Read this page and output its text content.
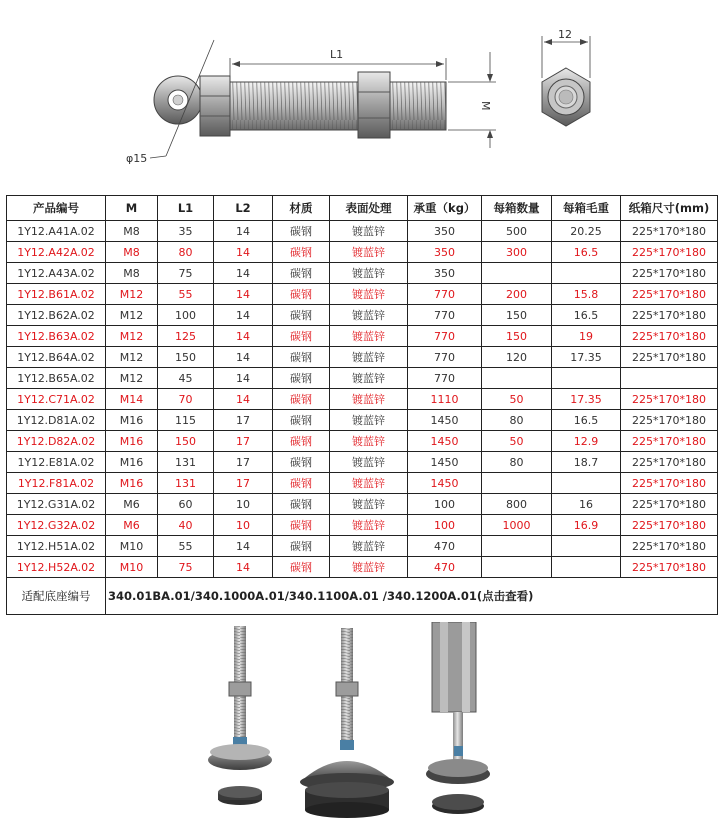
L1
M
φ15
12
产品编号	M	L1	L2	材质	表面处理	承重（kg）	每箱数量	每箱毛重	纸箱尺寸(mm)
1Y12.A41A.02	M8	35	14	碳钢	镀蓝锌	350	500	20.25	225*170*180
1Y12.A42A.02	M8	80	14	碳钢	镀蓝锌	350	300	16.5	225*170*180
1Y12.A43A.02	M8	75	14	碳钢	镀蓝锌	350			225*170*180
1Y12.B61A.02	M12	55	14	碳钢	镀蓝锌	770	200	15.8	225*170*180
1Y12.B62A.02	M12	100	14	碳钢	镀蓝锌	770	150	16.5	225*170*180
1Y12.B63A.02	M12	125	14	碳钢	镀蓝锌	770	150	19	225*170*180
1Y12.B64A.02	M12	150	14	碳钢	镀蓝锌	770	120	17.35	225*170*180
1Y12.B65A.02	M12	45	14	碳钢	镀蓝锌	770			
1Y12.C71A.02	M14	70	14	碳钢	镀蓝锌	1110	50	17.35	225*170*180
1Y12.D81A.02	M16	115	17	碳钢	镀蓝锌	1450	80	16.5	225*170*180
1Y12.D82A.02	M16	150	17	碳钢	镀蓝锌	1450	50	12.9	225*170*180
1Y12.E81A.02	M16	131	17	碳钢	镀蓝锌	1450	80	18.7	225*170*180
1Y12.F81A.02	M16	131	17	碳钢	镀蓝锌	1450			225*170*180
1Y12.G31A.02	M6	60	10	碳钢	镀蓝锌	100	800	16	225*170*180
1Y12.G32A.02	M6	40	10	碳钢	镀蓝锌	100	1000	16.9	225*170*180
1Y12.H51A.02	M10	55	14	碳钢	镀蓝锌	470			225*170*180
1Y12.H52A.02	M10	75	14	碳钢	镀蓝锌	470			225*170*180
适配底座编号	340.01BA.01/340.1000A.01/340.1100A.01 /340.1200A.01(点击查看)								
